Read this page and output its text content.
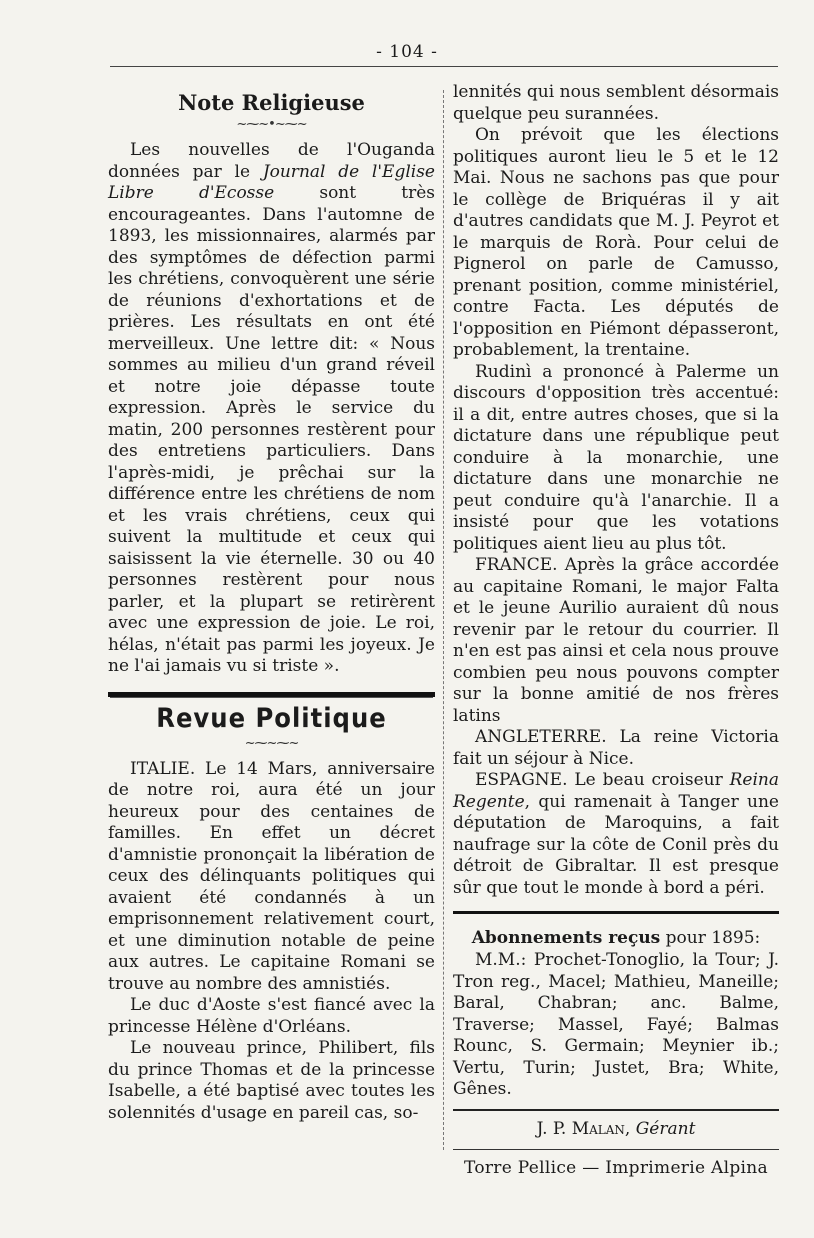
- 104 -
Note Religieuse
~⁓~•~⁓~

Les nouvelles de l'Ouganda données par le Journal de l'Eglise Libre d'Ecosse sont très encourageantes. Dans l'automne de 1893, les missionnaires, alarmés par des symptômes de défection parmi les chrétiens, convoquèrent une série de réunions d'exhortations et de prières. Les résultats en ont été merveilleux. Une lettre dit: « Nous sommes au milieu d'un grand réveil et notre joie dépasse toute expression. Après le service du matin, 200 personnes restèrent pour des entretiens particuliers. Dans l'après-midi, je prêchai sur la différence entre les chrétiens de nom et les vrais chrétiens, ceux qui suivent la multitude et ceux qui saisissent la vie éternelle. 30 ou 40 personnes restèrent pour nous parler, et la plupart se retirèrent avec une expression de joie. Le roi, hélas, n'était pas parmi les joyeux. Je ne l'ai jamais vu si triste ».

Revue Politique
~⁓~⁓~

ITALIE. Le 14 Mars, anniversaire de notre roi, aura été un jour heureux pour des centaines de familles. En effet un décret d'amnistie prononçait la libération de ceux des délinquants politiques qui avaient été condannés à un emprisonnement relativement court, et une diminution notable de peine aux autres. Le capitaine Romani se trouve au nombre des amnistiés.

Le duc d'Aoste s'est fiancé avec la princesse Hélène d'Orléans.

Le nouveau prince, Philibert, fils du prince Thomas et de la princesse Isabelle, a été baptisé avec toutes les solennités d'usage en pareil cas, so-

lennités qui nous semblent désormais quelque peu surannées.

On prévoit que les élections politiques auront lieu le 5 et le 12 Mai. Nous ne sachons pas que pour le collège de Briquéras il y ait d'autres candidats que M. J. Peyrot et le marquis de Rorà. Pour celui de Pignerol on parle de Camusso, prenant position, comme ministériel, contre Facta. Les députés de l'opposition en Piémont dépasseront, probablement, la trentaine.

Rudinì a prononcé à Palerme un discours d'opposition très accentué: il a dit, entre autres choses, que si la dictature dans une république peut conduire à la monarchie, une dictature dans une monarchie ne peut conduire qu'à l'anarchie. Il a insisté pour que les votations politiques aient lieu au plus tôt.

FRANCE. Après la grâce accordée au capitaine Romani, le major Falta et le jeune Aurilio auraient dû nous revenir par le retour du courrier. Il n'en est pas ainsi et cela nous prouve combien peu nous pouvons compter sur la bonne amitié de nos frères latins

ANGLETERRE. La reine Victoria fait un séjour à Nice.

ESPAGNE. Le beau croiseur Reina Regente, qui ramenait à Tanger une députation de Maroquins, a fait naufrage sur la côte de Conil près du détroit de Gibraltar. Il est presque sûr que tout le monde à bord a péri.

Abonnements reçus pour 1895:

M.M.: Prochet-Tonoglio, la Tour; J. Tron reg., Macel; Mathieu, Maneille; Baral, Chabran; anc. Balme, Traverse; Massel, Fayé; Balmas Rounc, S. Germain; Meynier ib.; Vertu, Turin; Justet, Bra; White, Gênes.

J. P. Malan, Gérant
Torre Pellice — Imprimerie Alpina
